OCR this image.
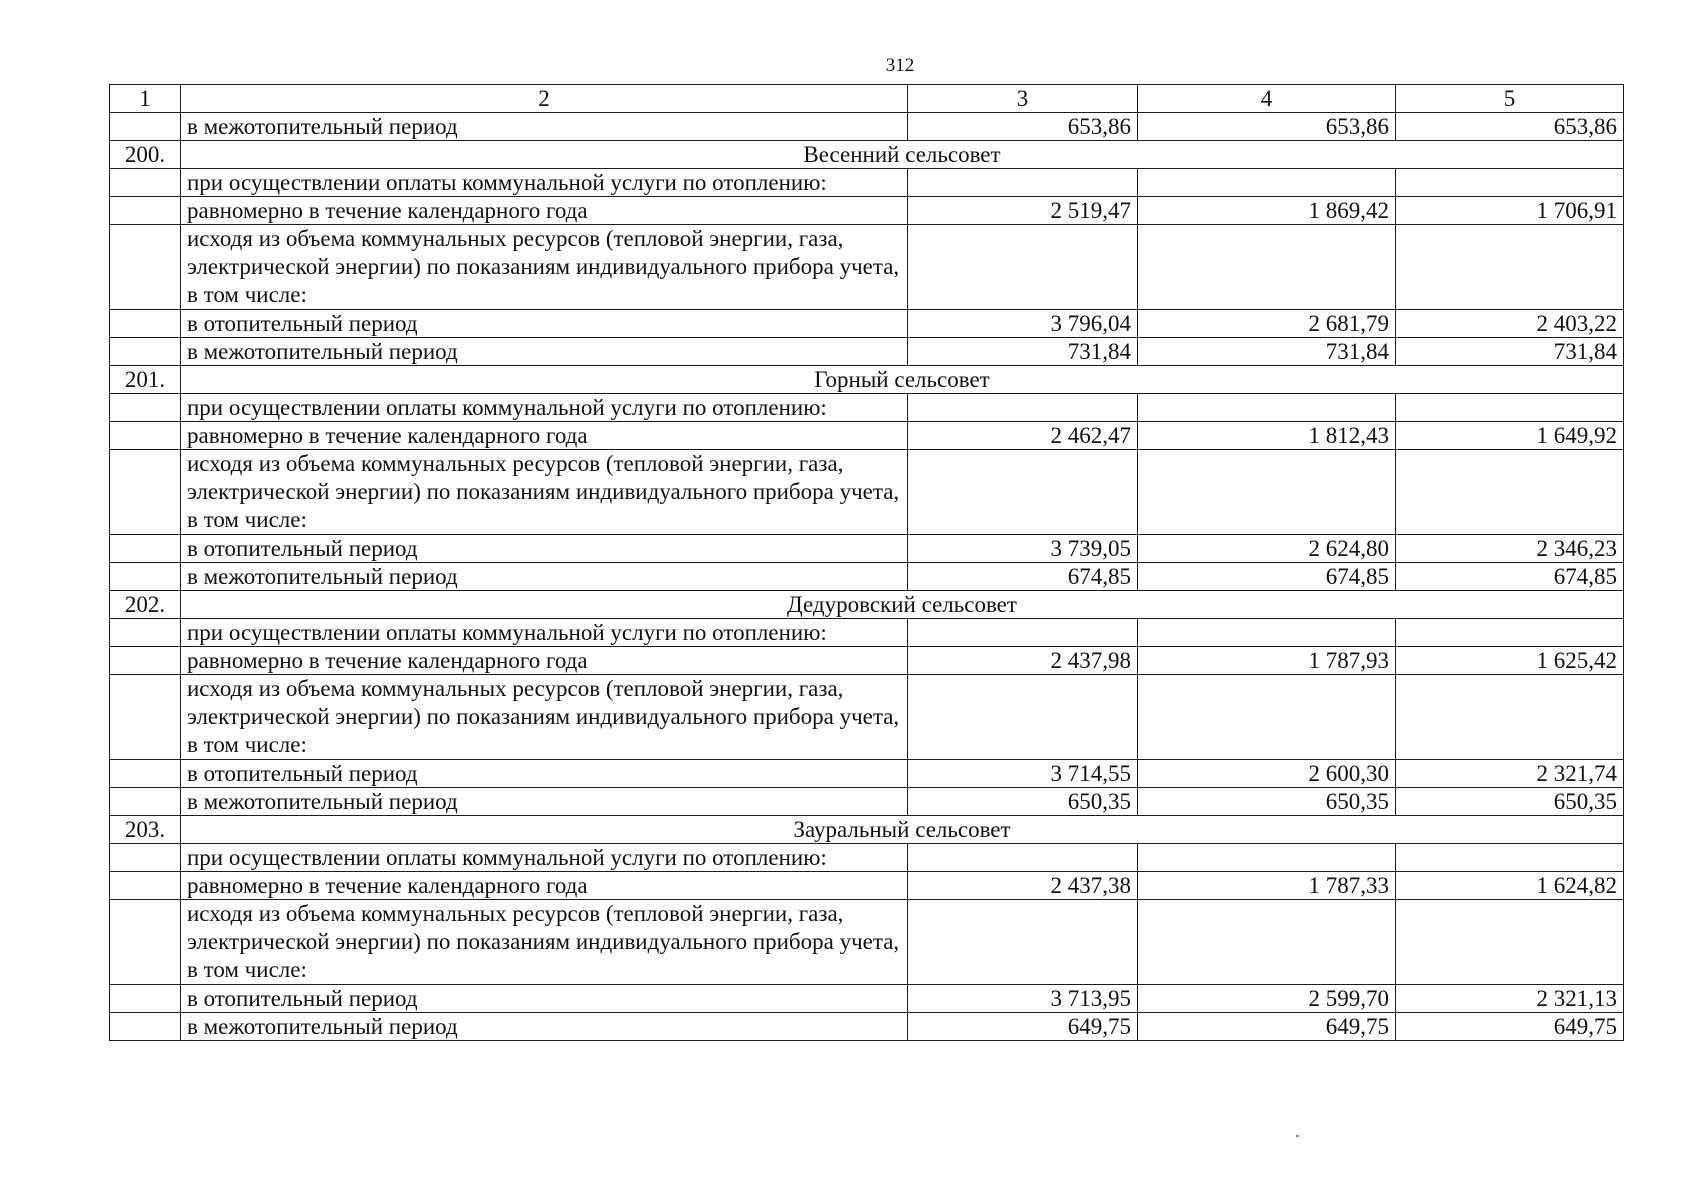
312
1	2	3	4	5
	в межотопительный период	653,86	653,86	653,86
200.	Весенний сельсовет			
	при осуществлении оплаты коммунальной услуги по отоплению:			
	равномерно в течение календарного года	2 519,47	1 869,42	1 706,91
	исходя из объема коммунальных ресурсов (тепловой энергии, газа, электрической энергии) по показаниям индивидуального прибора учета, в том числе:			
	в отопительный период	3 796,04	2 681,79	2 403,22
	в межотопительный период	731,84	731,84	731,84
201.	Горный сельсовет			
	при осуществлении оплаты коммунальной услуги по отоплению:			
	равномерно в течение календарного года	2 462,47	1 812,43	1 649,92
	исходя из объема коммунальных ресурсов (тепловой энергии, газа, электрической энергии) по показаниям индивидуального прибора учета, в том числе:			
	в отопительный период	3 739,05	2 624,80	2 346,23
	в межотопительный период	674,85	674,85	674,85
202.	Дедуровский сельсовет			
	при осуществлении оплаты коммунальной услуги по отоплению:			
	равномерно в течение календарного года	2 437,98	1 787,93	1 625,42
	исходя из объема коммунальных ресурсов (тепловой энергии, газа, электрической энергии) по показаниям индивидуального прибора учета, в том числе:			
	в отопительный период	3 714,55	2 600,30	2 321,74
	в межотопительный период	650,35	650,35	650,35
203.	Зауральный сельсовет			
	при осуществлении оплаты коммунальной услуги по отоплению:			
	равномерно в течение календарного года	2 437,38	1 787,33	1 624,82
	исходя из объема коммунальных ресурсов (тепловой энергии, газа, электрической энергии) по показаниям индивидуального прибора учета, в том числе:			
	в отопительный период	3 713,95	2 599,70	2 321,13
	в межотопительный период	649,75	649,75	649,75
